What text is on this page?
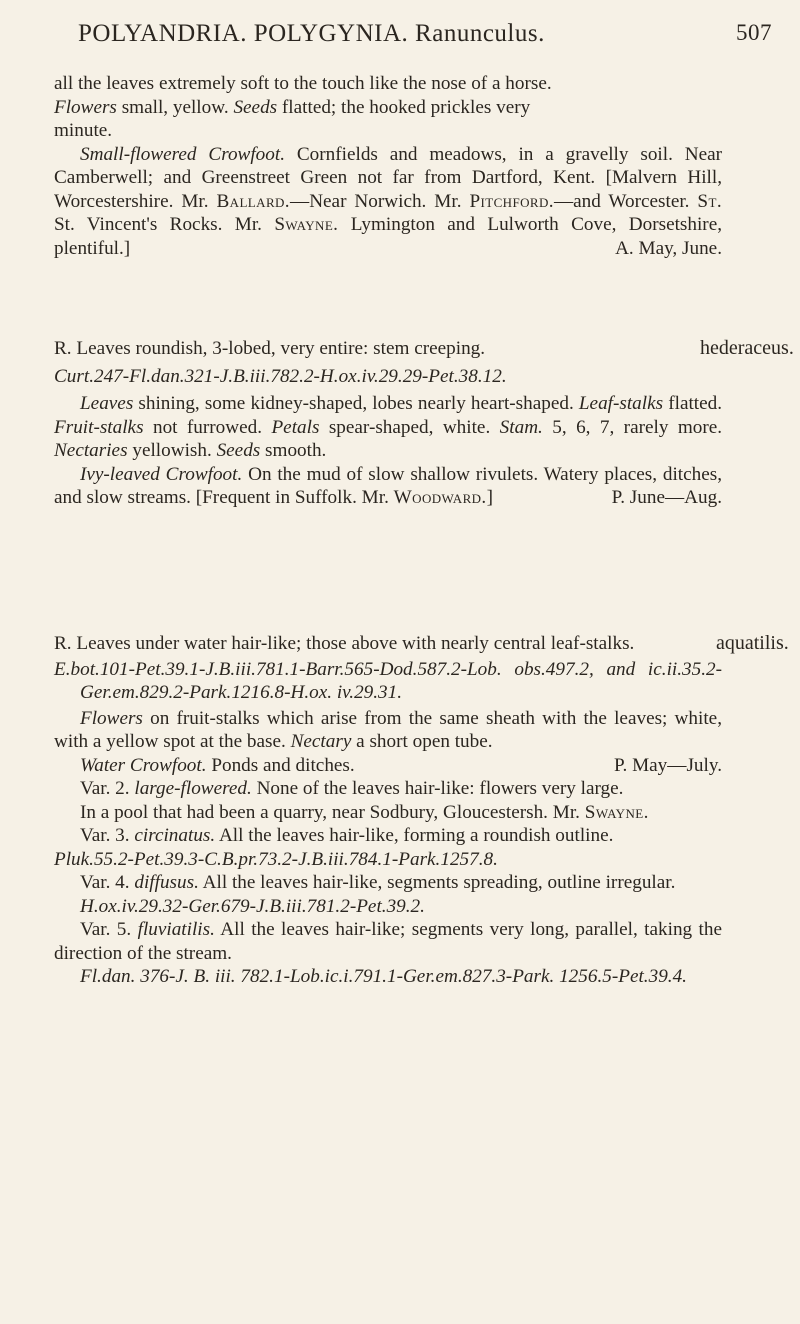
POLYANDRIA. POLYGYNIA. Ranunculus.	507

all the leaves extremely soft to the touch like the nose of a horse.

Flowers small, yellow. Seeds flatted; the hooked prickles very

minute.

Small-flowered Crowfoot. Cornfields and meadows, in a gravelly soil. Near Camberwell; and Greenstreet Green not far from Dartford, Kent. [Malvern Hill, Worcestershire. Mr. Ballard.—Near Norwich. Mr. Pitchford.—and Worcester. St. St. Vincent's Rocks. Mr. Swayne. Lymington and Lulworth Cove, Dorsetshire, plentiful.]	A. May, June.

hederaceus.

R. Leaves roundish, 3-lobed, very entire: stem creeping.

Curt.247-Fl.dan.321-J.B.iii.782.2-H.ox.iv.29.29-Pet.38.12.

Leaves shining, some kidney-shaped, lobes nearly heart-shaped. Leaf-stalks flatted. Fruit-stalks not furrowed. Petals spear-shaped, white. Stam. 5, 6, 7, rarely more. Nectaries yellowish. Seeds smooth.

Ivy-leaved Crowfoot. On the mud of slow shallow rivulets. Watery places, ditches, and slow streams. [Frequent in Suffolk. Mr. Woodward.]	P. June—Aug.

aquatilis.

R. Leaves under water hair-like; those above with nearly central leaf-stalks.

E.bot.101-Pet.39.1-J.B.iii.781.1-Barr.565-Dod.587.2-Lob. obs.497.2, and ic.ii.35.2-Ger.em.829.2-Park.1216.8-H.ox. iv.29.31.

Flowers on fruit-stalks which arise from the same sheath with the leaves; white, with a yellow spot at the base. Nectary a short open tube.

Water Crowfoot. Ponds and ditches.	P. May—July.

Var. 2. large-flowered. None of the leaves hair-like: flowers very large.

In a pool that had been a quarry, near Sodbury, Gloucestersh. Mr. Swayne.

Var. 3. circinatus. All the leaves hair-like, forming a roundish outline.

Pluk.55.2-Pet.39.3-C.B.pr.73.2-J.B.iii.784.1-Park.1257.8.

Var. 4. diffusus. All the leaves hair-like, segments spreading, outline irregular.

H.ox.iv.29.32-Ger.679-J.B.iii.781.2-Pet.39.2.

Var. 5. fluviatilis. All the leaves hair-like; segments very long, parallel, taking the direction of the stream.

Fl.dan. 376-J. B. iii. 782.1-Lob.ic.i.791.1-Ger.em.827.3-Park. 1256.5-Pet.39.4.
